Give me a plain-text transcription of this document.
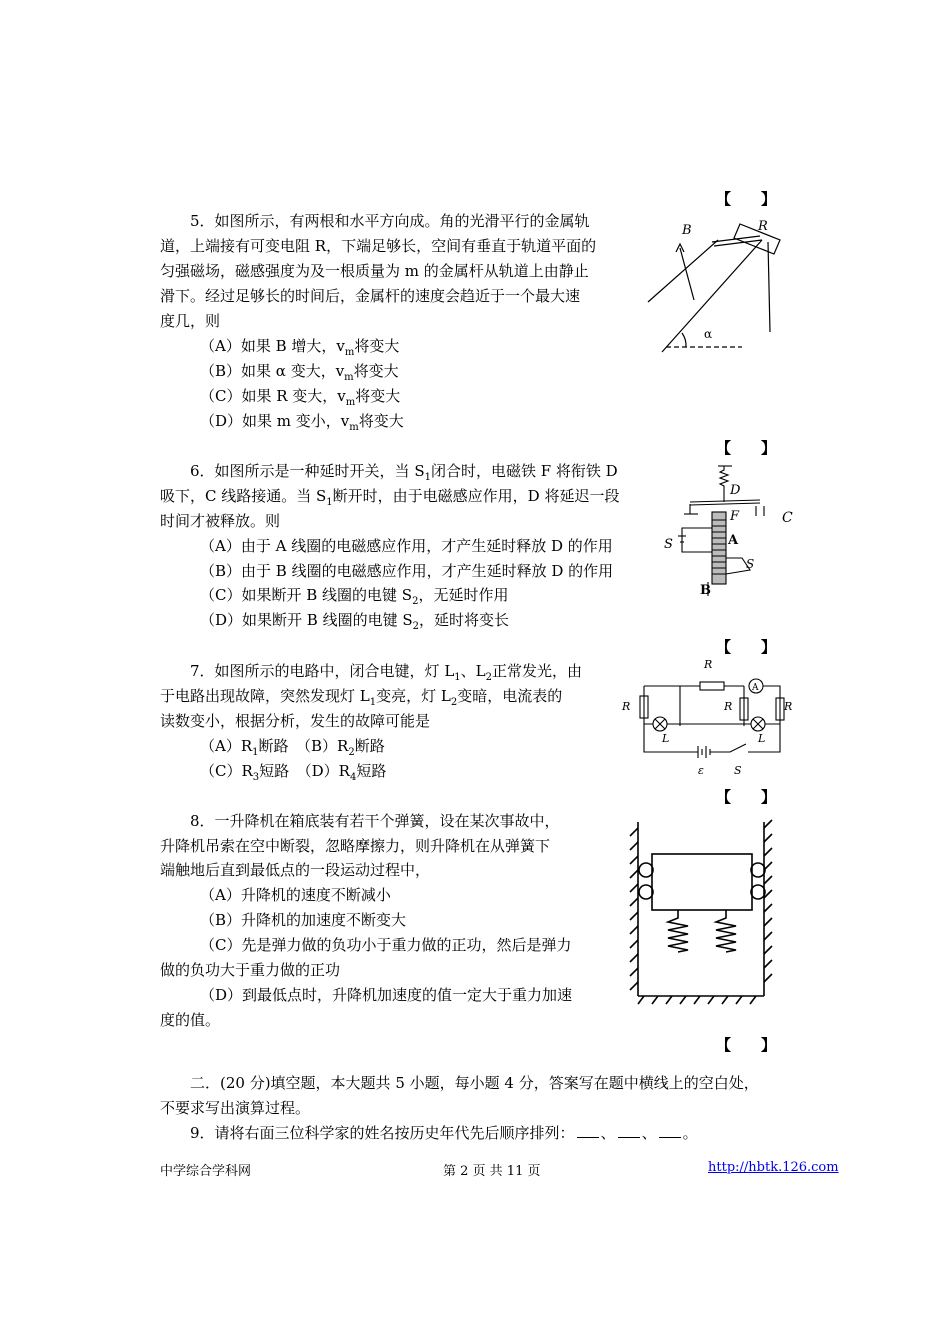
【　　】
【　　】
【　　】
【　　】
【　　】
5．如图所示，有两根和水平方向成。角的光滑平行的金属轨
道，上端接有可变电阻 R，下端足够长，空间有垂直于轨道平面的
匀强磁场，磁感强度为及一根质量为 m 的金属杆从轨道上由静止
滑下。经过足够长的时间后，金属杆的速度会趋近于一个最大速
度几，则
（A）如果 B 增大，$v_m$将变大
（B）如果 α 变大，$v_m$将变大
（C）如果 R 变大，$v_m$将变大
（D）如果 m 变小，$v_m$将变大
B	R
α
6．如图所示是一种延时开关，当 $S_1$闭合时，电磁铁 F 将衔铁 D
吸下，C 线路接通。当 $S_1$断开时，由于电磁感应作用，D 将延迟一段
时间才被释放。则
（A）由于 A 线圈的电磁感应作用，才产生延时释放 D 的作用
（B）由于 B 线圈的电磁感应作用，才产生延时释放 D 的作用
（C）如果断开 B 线圈的电键 $S_2$，无延时作用
（D）如果断开 B 线圈的电键 $S_2$，延时将变长
D
F	C
S	A
S
B
7．如图所示的电路中，闭合电键，灯 $L_1$、$L_2$正常发光，由
于电路出现故障，突然发现灯 $L_1$变亮，灯 $L_2$变暗，电流表的
读数变小，根据分析，发生的故障可能是
$(A)R_1$断路　$(B)R_2$断路
$(C)R_3$短路　$(D)R_4$短路
R
A
R	R	R
L	L
ε	S
8．一升降机在箱底装有若干个弹簧，设在某次事故中，
升降机吊索在空中断裂，忽略摩擦力，则升降机在从弹簧下
端触地后直到最低点的一段运动过程中，
（A）升降机的速度不断减小
（B）升降机的加速度不断变大
（C）先是弹力做的负功小于重力做的正功，然后是弹力
做的负功大于重力做的正功
（D）到最低点时，升降机加速度的值一定大于重力加速
度的值。
二．(20 分)填空题，本大题共 5 小题，每小题 4 分，答案写在题中横线上的空白处，
不要求写出演算过程。
9．请将右面三位科学家的姓名按历史年代先后顺序排列： 、 、 。
中学综合学科网	第 2 页 共 11 页	http://hbtk.126.com
